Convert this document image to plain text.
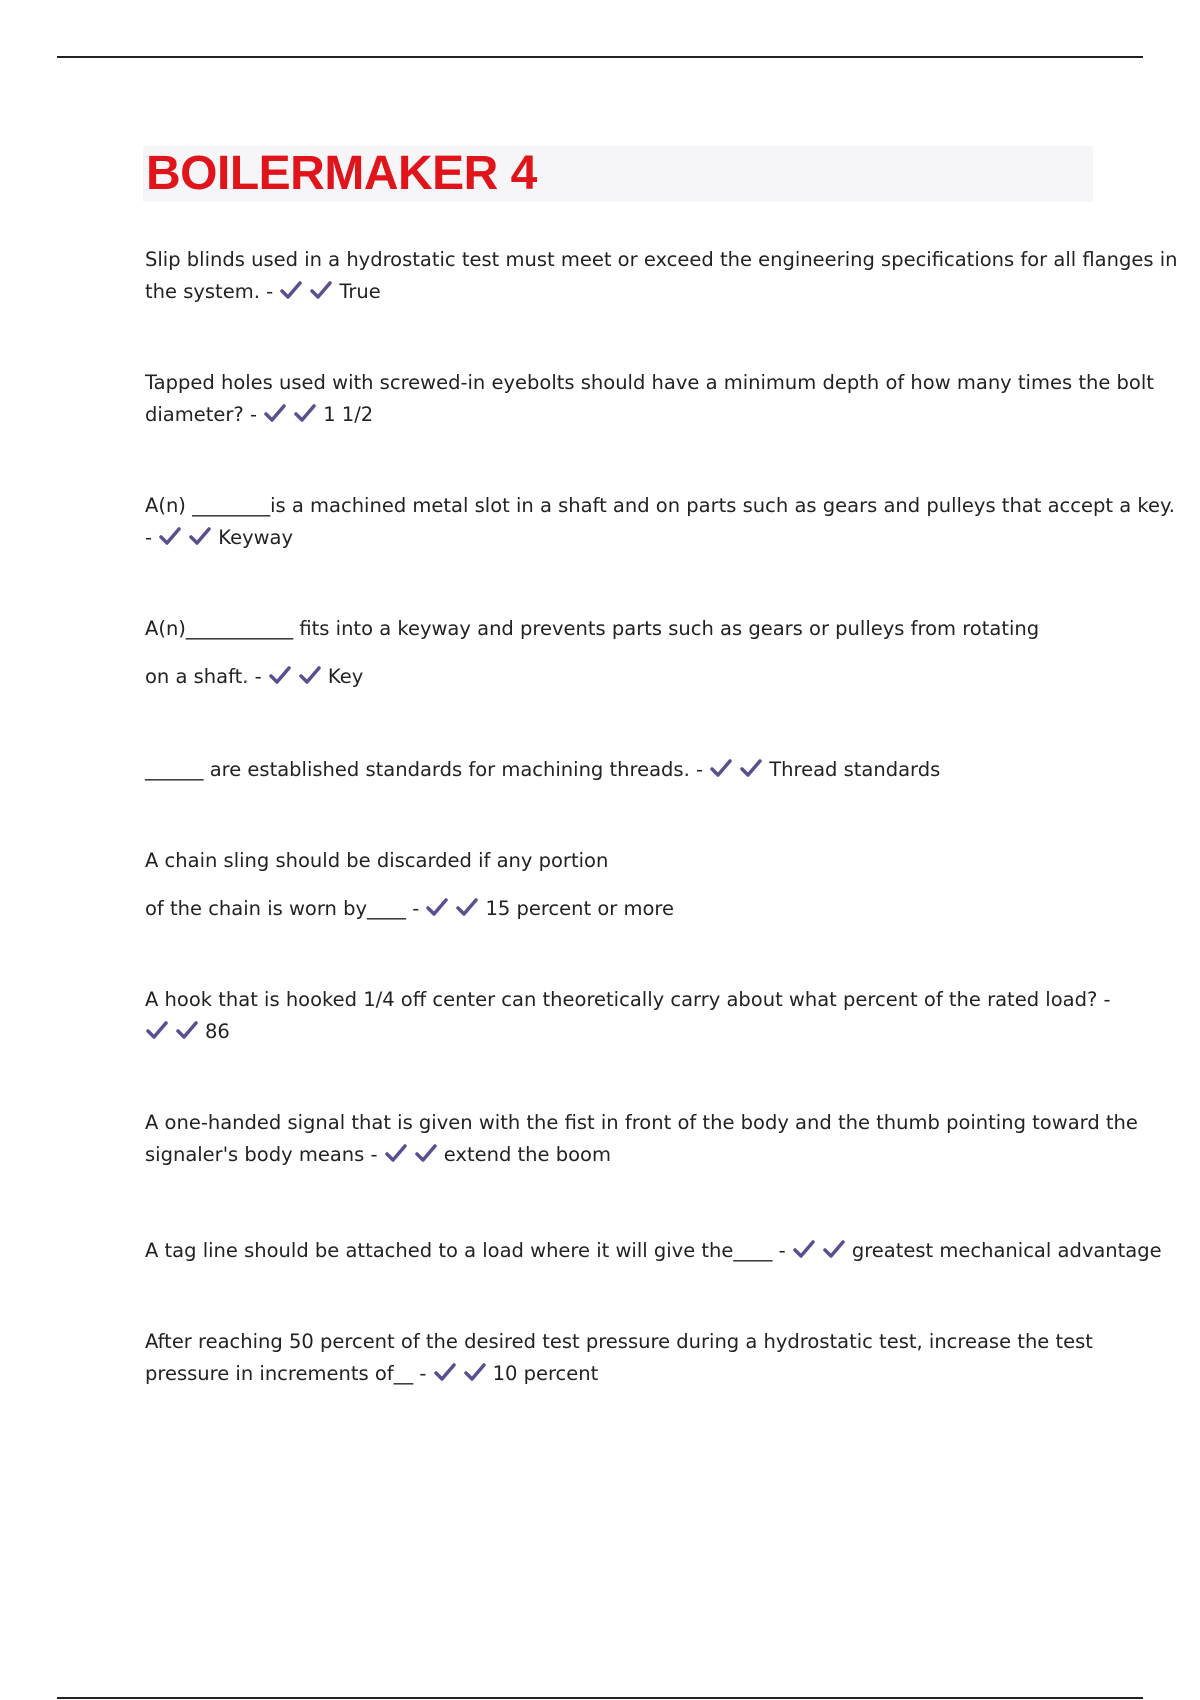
BOILERMAKER 4
Slip blinds used in a hydrostatic test must meet or exceed the engineering specifications for all flanges in
the system. -	True
Tapped holes used with screwed-in eyebolts should have a minimum depth of how many times the bolt
diameter? -	1 1/2
A(n) ________is a machined metal slot in a shaft and on parts such as gears and pulleys that accept a key.
-	Keyway
A(n)___________ fits into a keyway and prevents parts such as gears or pulleys from rotating
on a shaft. -	Key
______ are established standards for machining threads. -	Thread standards
A chain sling should be discarded if any portion
of the chain is worn by____ -	15 percent or more
A hook that is hooked 1/4 off center can theoretically carry about what percent of the rated load? -
86
A one-handed signal that is given with the fist in front of the body and the thumb pointing toward the
signaler's body means -	extend the boom
A tag line should be attached to a load where it will give the____ -	greatest mechanical advantage
After reaching 50 percent of the desired test pressure during a hydrostatic test, increase the test
pressure in increments of__ -	10 percent
